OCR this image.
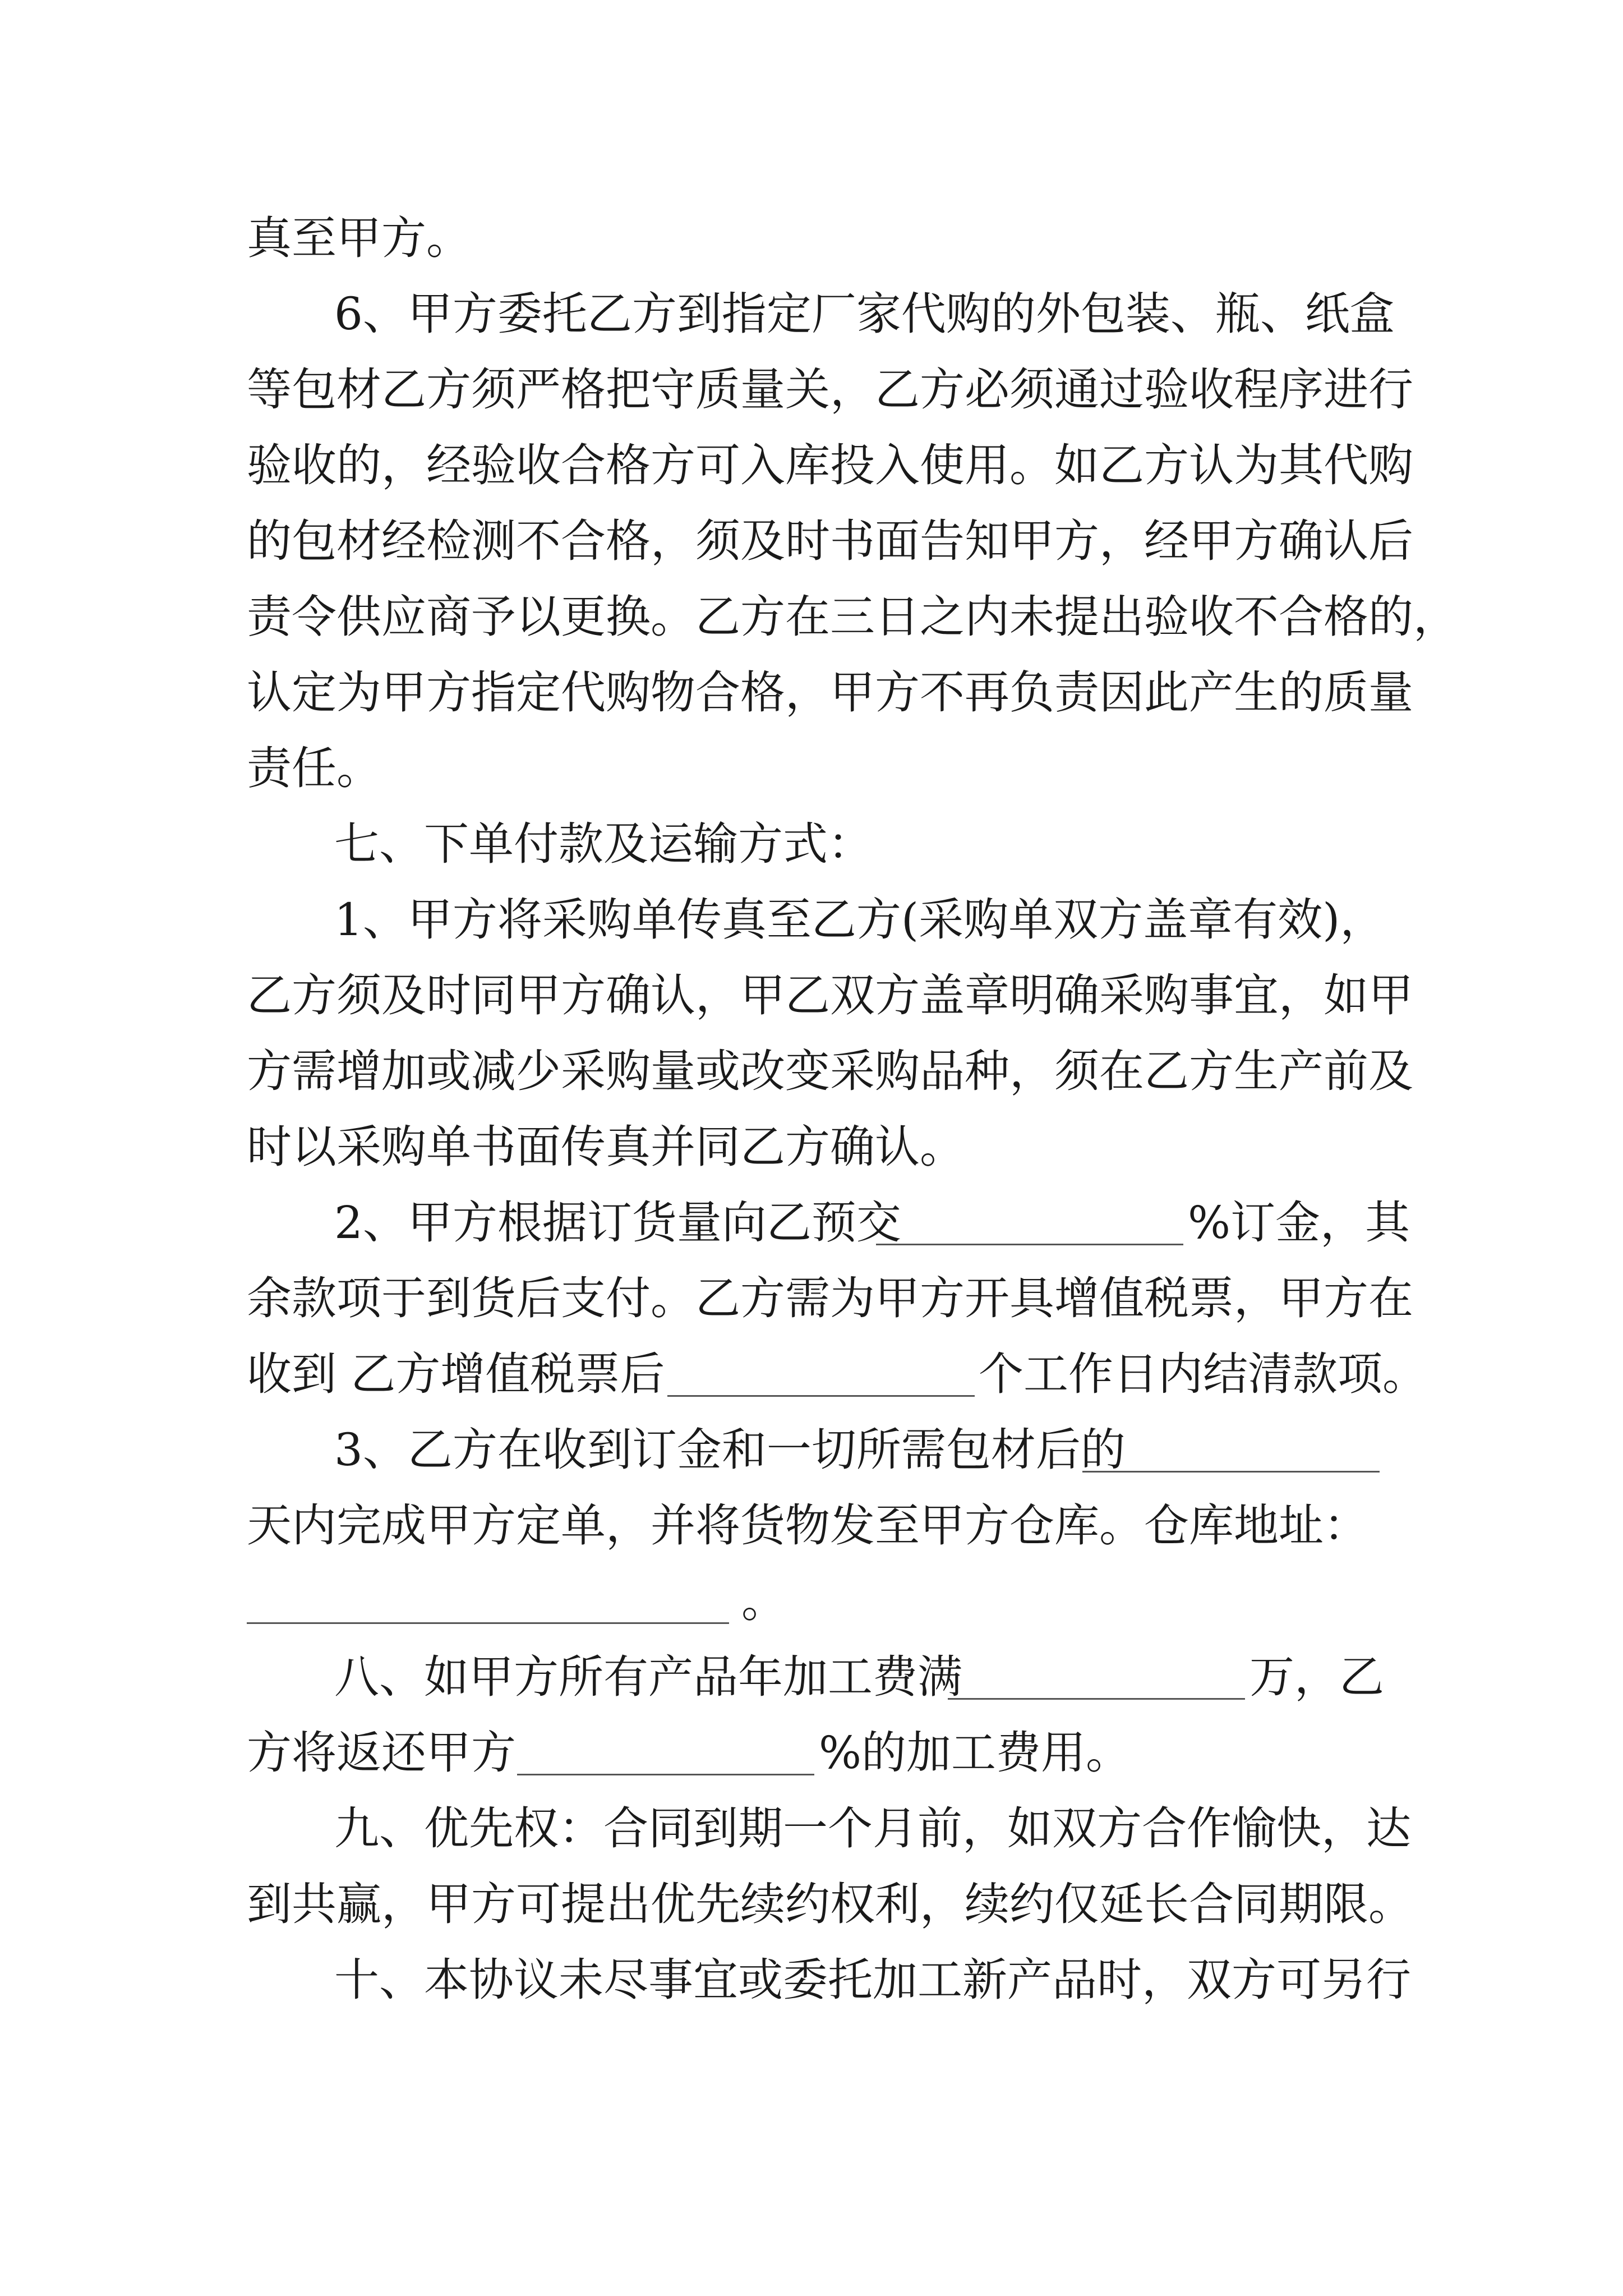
真至甲方。
6、甲方委托乙方到指定厂家代购的外包装、瓶、纸盒
等包材乙方须严格把守质量关，乙方必须通过验收程序进行
验收的，经验收合格方可入库投入使用。如乙方认为其代购
的包材经检测不合格，须及时书面告知甲方，经甲方确认后
责令供应商予以更换。乙方在三日之内未提出验收不合格的，
认定为甲方指定代购物合格，甲方不再负责因此产生的质量
责任。
七、下单付款及运输方式：
1、甲方将采购单传真至乙方(采购单双方盖章有效)，
乙方须及时同甲方确认，甲乙双方盖章明确采购事宜，如甲
方需增加或减少采购量或改变采购品种，须在乙方生产前及
时以采购单书面传真并同乙方确认。
2、甲方根据订货量向乙预交	%订金，其
余款项于到货后支付。乙方需为甲方开具增值税票，甲方在
收到 乙方增值税票后	个工作日内结清款项。
3、乙方在收到订金和一切所需包材后的
天内完成甲方定单，并将货物发至甲方仓库。仓库地址：
。
八、如甲方所有产品年加工费满	万，乙
方将返还甲方	%的加工费用。
九、优先权：合同到期一个月前，如双方合作愉快，达
到共赢，甲方可提出优先续约权利，续约仅延长合同期限。
十、本协议未尽事宜或委托加工新产品时，双方可另行
